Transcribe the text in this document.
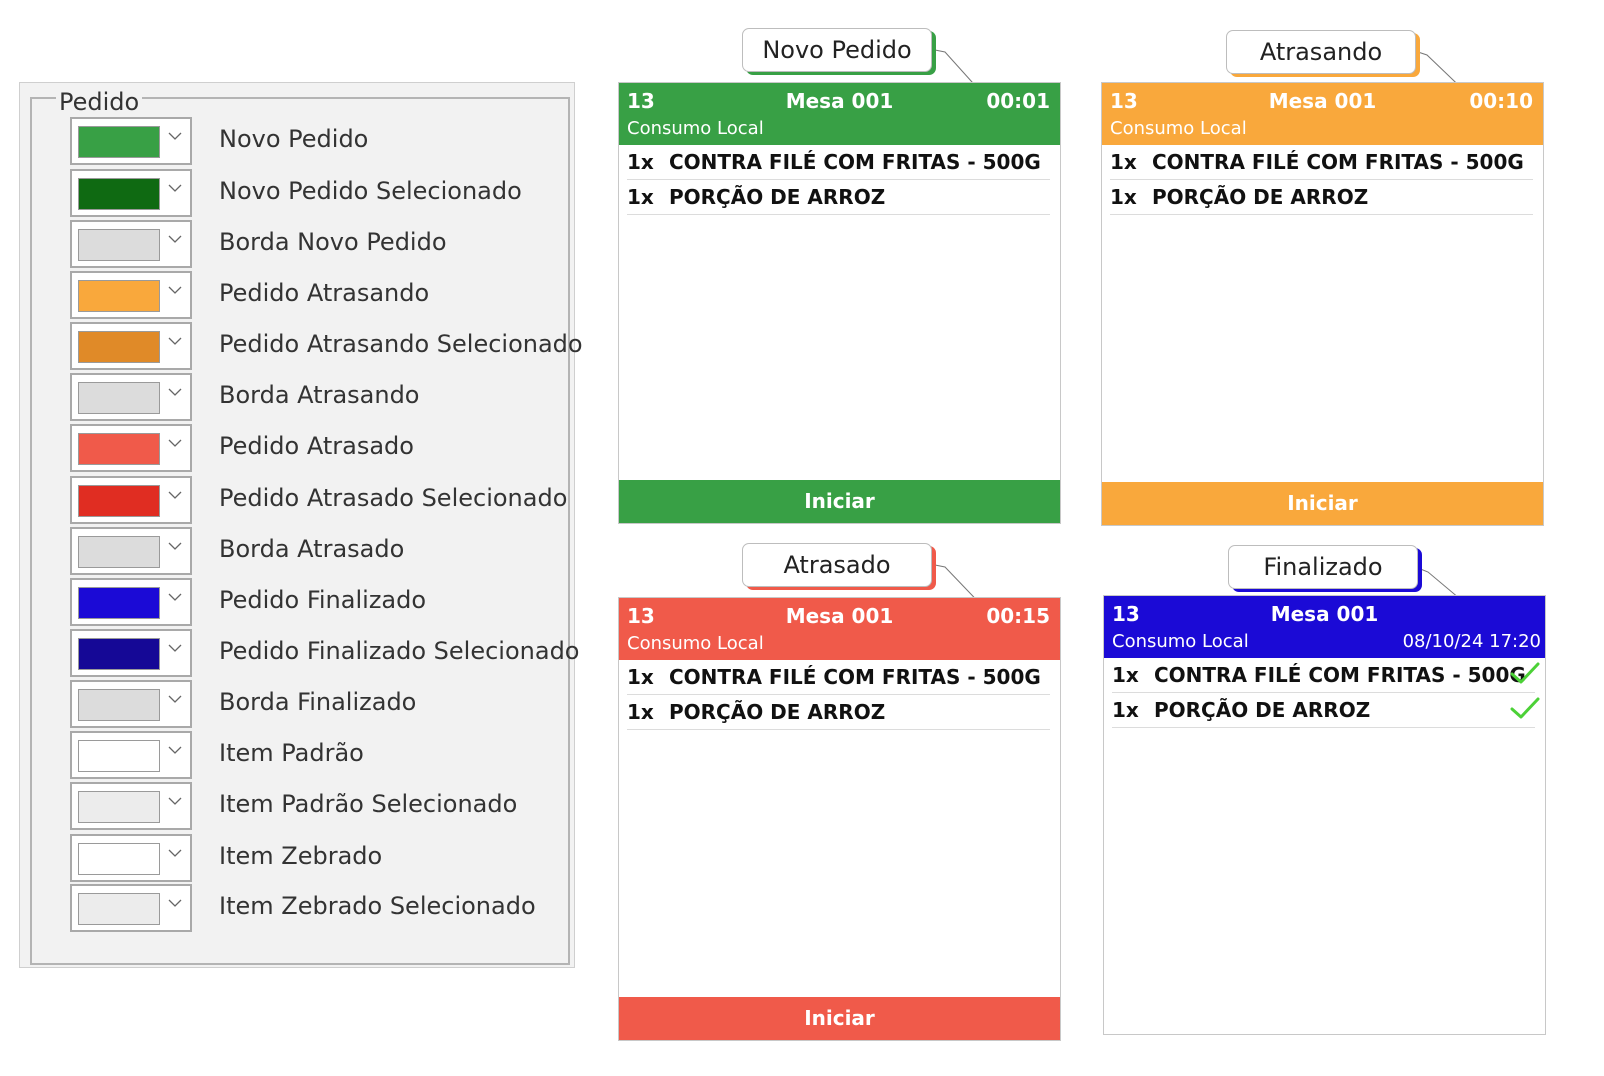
Pedido
Novo Pedido
Novo Pedido Selecionado
Borda Novo Pedido
Pedido Atrasando
Pedido Atrasando Selecionado
Borda Atrasando
Pedido Atrasado
Pedido Atrasado Selecionado
Borda Atrasado
Pedido Finalizado
Pedido Finalizado Selecionado
Borda Finalizado
Item Padrão
Item Padrão Selecionado
Item Zebrado
Item Zebrado Selecionado
Novo Pedido
13	Mesa 001	00:01
Consumo Local
1x CONTRA FILÉ COM FRITAS - 500G
1x PORÇÃO DE ARROZ
Iniciar
Atrasando
13	Mesa 001	00:10
Consumo Local
1x CONTRA FILÉ COM FRITAS - 500G
1x PORÇÃO DE ARROZ
Iniciar
Atrasado
13	Mesa 001	00:15
Consumo Local
1x CONTRA FILÉ COM FRITAS - 500G
1x PORÇÃO DE ARROZ
Iniciar
Finalizado
13	Mesa 001
Consumo Local	08/10/24 17:20
1x CONTRA FILÉ COM FRITAS - 500G
1x PORÇÃO DE ARROZ
